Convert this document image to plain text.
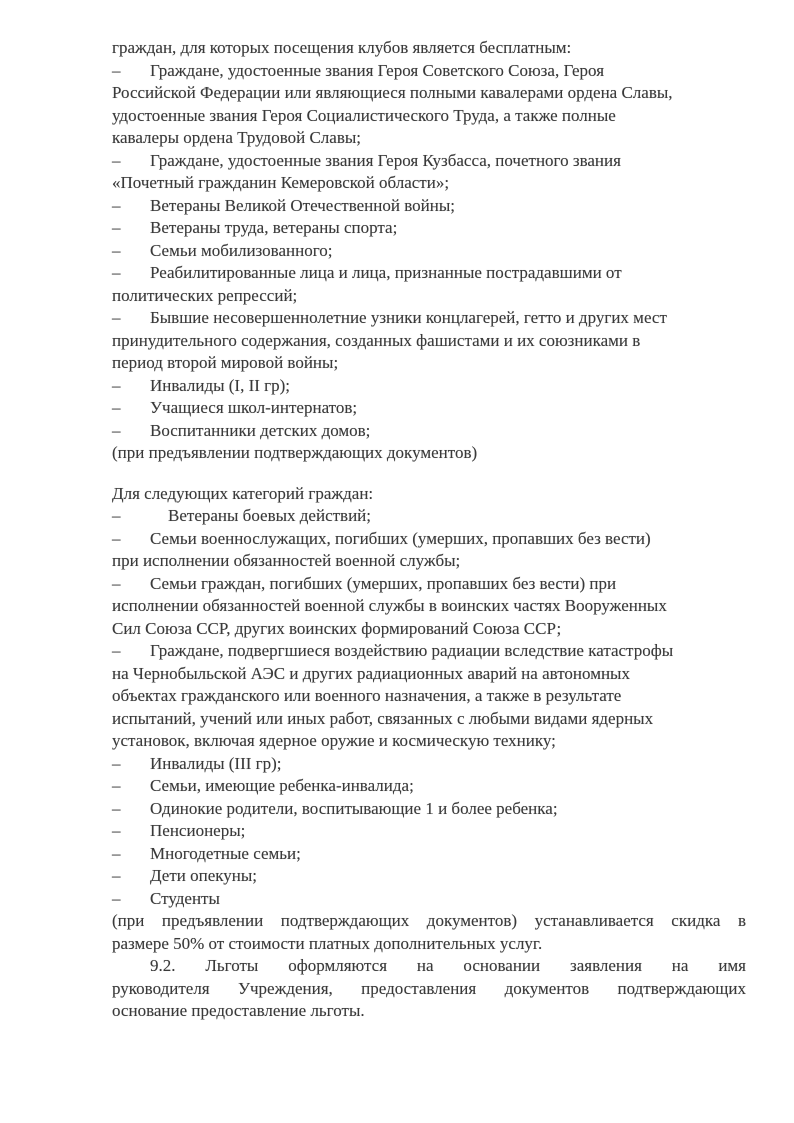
граждан, для которых посещения клубов является бесплатным:
– Граждане, удостоенные звания Героя Советского Союза, Героя
Российской Федерации или являющиеся полными кавалерами ордена Славы,
удостоенные звания Героя Социалистического Труда, а также полные
кавалеры ордена Трудовой Славы;
– Граждане, удостоенные звания Героя Кузбасса, почетного звания
«Почетный гражданин Кемеровской области»;
– Ветераны Великой Отечественной войны;
– Ветераны труда, ветераны спорта;
– Семьи мобилизованного;
– Реабилитированные лица и лица, признанные пострадавшими от
политических репрессий;
– Бывшие несовершеннолетние узники концлагерей, гетто и других мест
принудительного содержания, созданных фашистами и их союзниками в
период второй мировой войны;
– Инвалиды (I, II гр);
– Учащиеся школ-интернатов;
– Воспитанники детских домов;
(при предъявлении подтверждающих документов)
Для следующих категорий граждан:
–	Ветераны боевых действий;
– Семьи военнослужащих, погибших (умерших, пропавших без вести)
при исполнении обязанностей военной службы;
– Семьи граждан, погибших (умерших, пропавших без вести) при
исполнении обязанностей военной службы в воинских частях Вооруженных
Сил Союза ССР, других воинских формирований Союза ССР;
– Граждане, подвергшиеся воздействию радиации вследствие катастрофы
на Чернобыльской АЭС и других радиационных аварий на автономных
объектах гражданского или военного назначения, а также в результате
испытаний, учений или иных работ, связанных с любыми видами ядерных
установок, включая ядерное оружие и космическую технику;
– Инвалиды (III гр);
– Семьи, имеющие ребенка-инвалида;
– Одинокие родители, воспитывающие 1 и более ребенка;
– Пенсионеры;
– Многодетные семьи;
– Дети опекуны;
– Студенты
(при предъявлении подтверждающих документов) устанавливается скидка в
размере 50% от стоимости платных дополнительных услуг.
9.2. Льготы оформляются на основании заявления на имя
руководителя Учреждения, предоставления документов подтверждающих
основание предоставление льготы.
